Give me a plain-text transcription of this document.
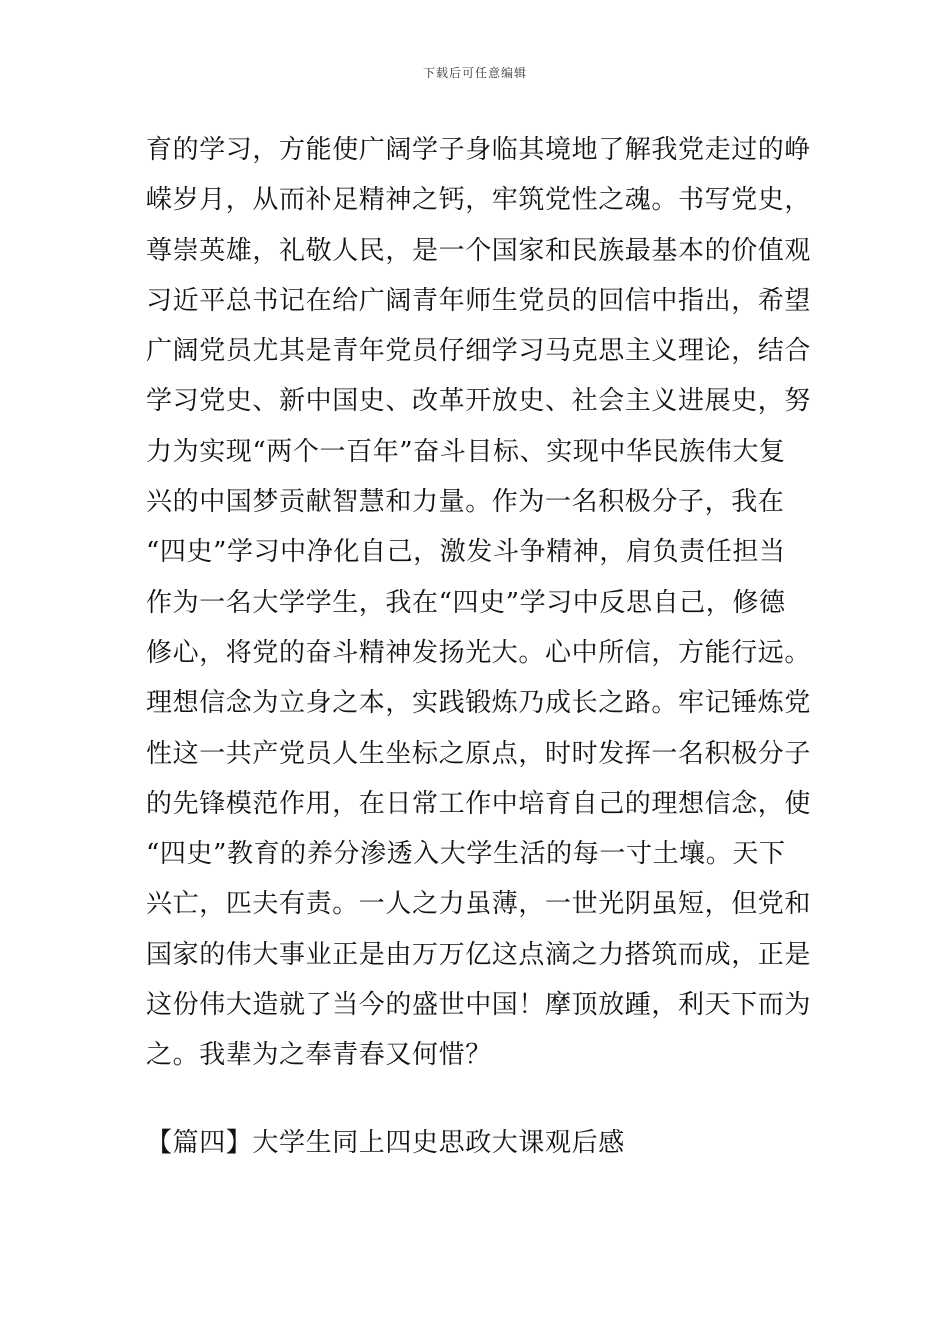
下载后可任意编辑
育的学习，方能使广阔学子身临其境地了解我党走过的峥
嵘岁月，从而补足精神之钙，牢筑党性之魂。书写党史，
尊崇英雄，礼敬人民，是一个国家和民族最基本的价值观
习近平总书记在给广阔青年师生党员的回信中指出，希望
广阔党员尤其是青年党员仔细学习马克思主义理论，结合
学习党史、新中国史、改革开放史、社会主义进展史，努
力为实现“两个一百年”奋斗目标、实现中华民族伟大复
兴的中国梦贡献智慧和力量。作为一名积极分子，我在
“四史”学习中净化自己，激发斗争精神，肩负责任担当
作为一名大学学生，我在“四史”学习中反思自己，修德
修心，将党的奋斗精神发扬光大。心中所信，方能行远。
理想信念为立身之本，实践锻炼乃成长之路。牢记锤炼党
性这一共产党员人生坐标之原点，时时发挥一名积极分子
的先锋模范作用，在日常工作中培育自己的理想信念，使
“四史”教育的养分渗透入大学生活的每一寸土壤。天下
兴亡，匹夫有责。一人之力虽薄，一世光阴虽短，但党和
国家的伟大事业正是由万万亿这点滴之力搭筑而成，正是
这份伟大造就了当今的盛世中国！摩顶放踵，利天下而为
之。我辈为之奉青春又何惜？
【篇四】大学生同上四史思政大课观后感
